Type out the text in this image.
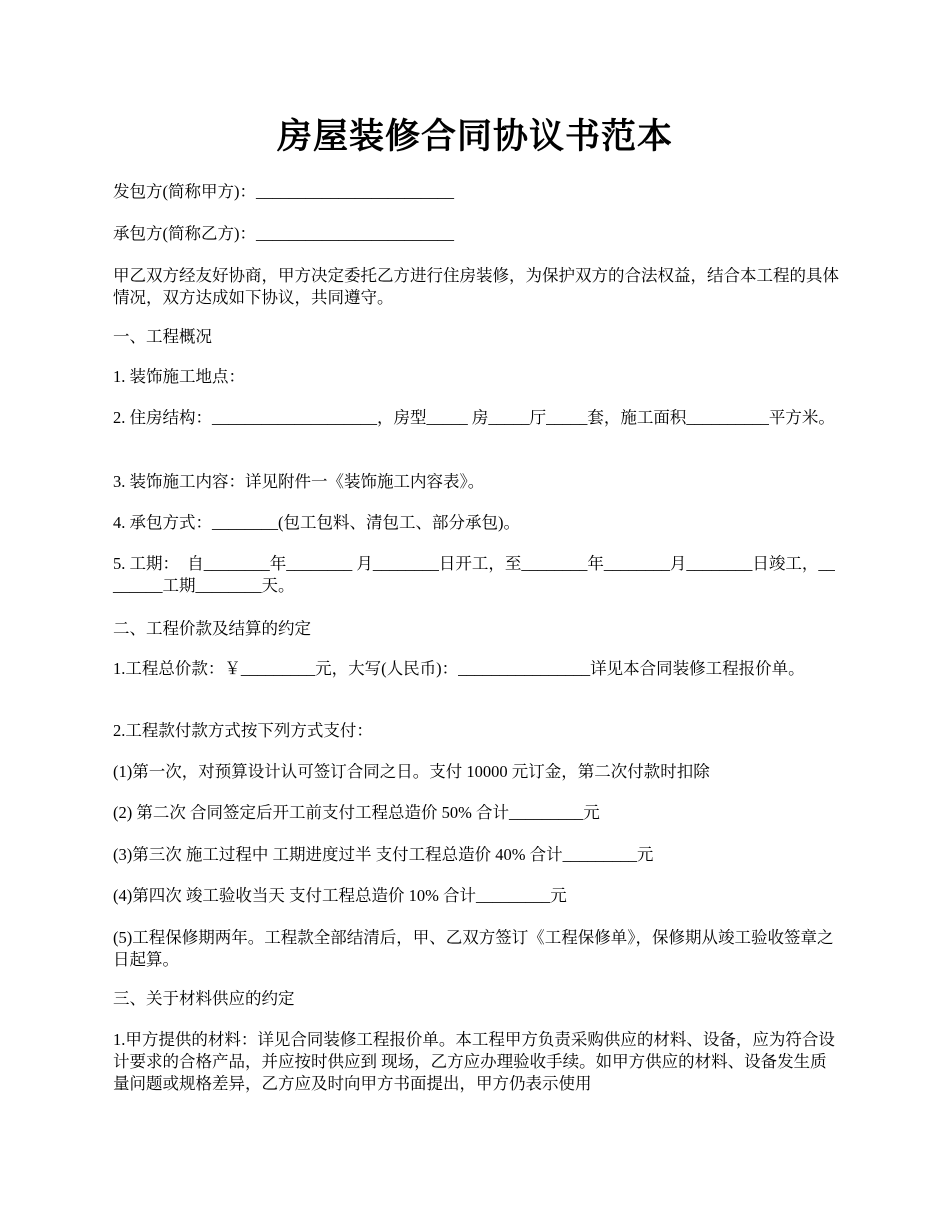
房屋装修合同协议书范本

发包方(简称甲方)：________________________

承包方(简称乙方)：________________________

甲乙双方经友好协商，甲方决定委托乙方进行住房装修，为保护双方的合法权益，结合本工程的具体情况，双方达成如下协议，共同遵守。

一、工程概况

1. 装饰施工地点：

2. 住房结构：____________________，房型_____ 房_____厅_____套，施工面积__________平方米。

3. 装饰施工内容：详见附件一《装饰施工内容表》。

4. 承包方式：________(包工包料、清包工、部分承包)。

5. 工期：  自________年________ 月________日开工，至________年________月________日竣工，________工期________天。

二、工程价款及结算的约定

1.工程总价款：￥_________元，大写(人民币)：________________详见本合同装修工程报价单。

2.工程款付款方式按下列方式支付：

(1)第一次，对预算设计认可签订合同之日。支付 10000 元订金，第二次付款时扣除

(2) 第二次 合同签定后开工前支付工程总造价 50% 合计_________元

(3)第三次 施工过程中 工期进度过半 支付工程总造价 40% 合计_________元

(4)第四次 竣工验收当天 支付工程总造价 10% 合计_________元

(5)工程保修期两年。工程款全部结清后，甲、乙双方签订《工程保修单》，保修期从竣工验收签章之日起算。

三、关于材料供应的约定

1.甲方提供的材料：详见合同装修工程报价单。本工程甲方负责采购供应的材料、设备，应为符合设计要求的合格产品，并应按时供应到 现场，乙方应办理验收手续。如甲方供应的材料、设备发生质量问题或规格差异，乙方应及时向甲方书面提出，甲方仍表示使用
